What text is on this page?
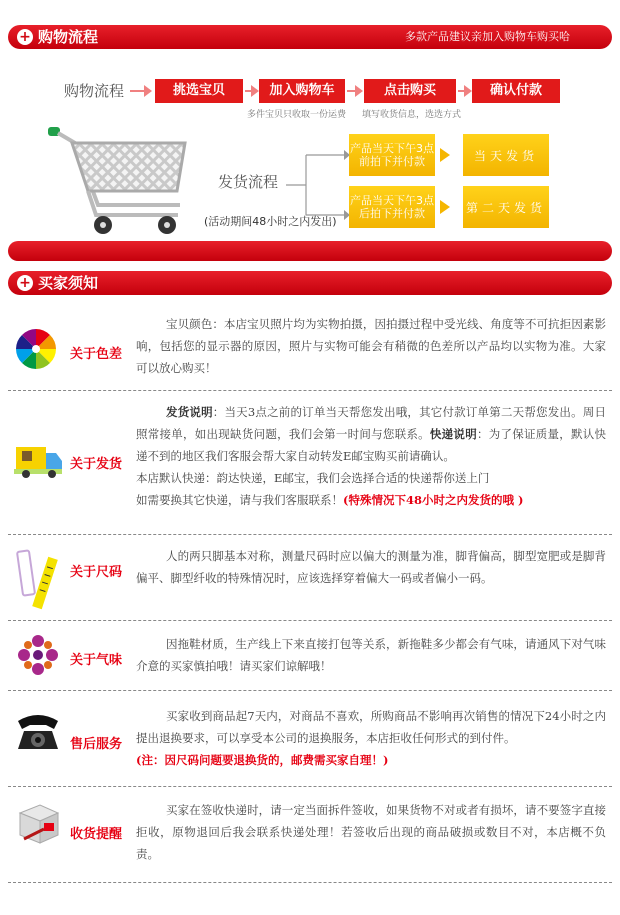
+ 购物流程	多款产品建议亲加入购物车购买哈
购物流程	挑选宝贝	加入购物车	点击购买	确认付款
多件宝贝只收取一份运费 填写收货信息，选选方式
发货流程
(活动期间48小时之内发出)
产品当天下午3点前拍下并付款	当天发货
产品当天下午3点后拍下并付款	第二天发货
+ 买家须知
关于色差
宝贝颜色：本店宝贝照片均为实物拍摄，因拍摄过程中受光线、角度等不可抗拒因素影响，包括您的显示器的原因，照片与实物可能会有稍微的色差所以产品均以实物为准。大家可以放心购买！
关于发货

发货说明：当天3点之前的订单当天帮您发出哦，其它付款订单第二天帮您发出。周日照常接单，如出现缺货问题，我们会第一时间与您联系。快递说明：为了保证质量，默认快递不到的地区我们客服会帮大家自动转发E邮宝购买前请确认。

本店默认快递：韵达快递，E邮宝，我们会选择合适的快递帮你送上门

如需要换其它快递，请与我们客服联系！(特殊情况下48小时之内发货的哦 )

关于尺码
人的两只脚基本对称，测量尺码时应以偏大的测量为准，脚背偏高，脚型宽肥或是脚背偏平、脚型纤收的特殊情况时，应该选择穿着偏大一码或者偏小一码。
关于气味
因拖鞋材质，生产线上下来直接打包等关系，新拖鞋多少都会有气味，请通风下对气味介意的买家慎拍哦！请买家们谅解哦！
售后服务

买家收到商品起7天内，对商品不喜欢，所购商品不影响再次销售的情况下24小时之内提出退换要求，可以享受本公司的退换服务，本店拒收任何形式的到付件。

(注：因尺码问题要退换货的，邮费需买家自理！)

收货提醒
买家在签收快递时，请一定当面拆件签收，如果货物不对或者有损坏，请不要签字直接拒收，原物退回后我会联系快递处理！若签收后出现的商品破损或数目不对，本店概不负责。
